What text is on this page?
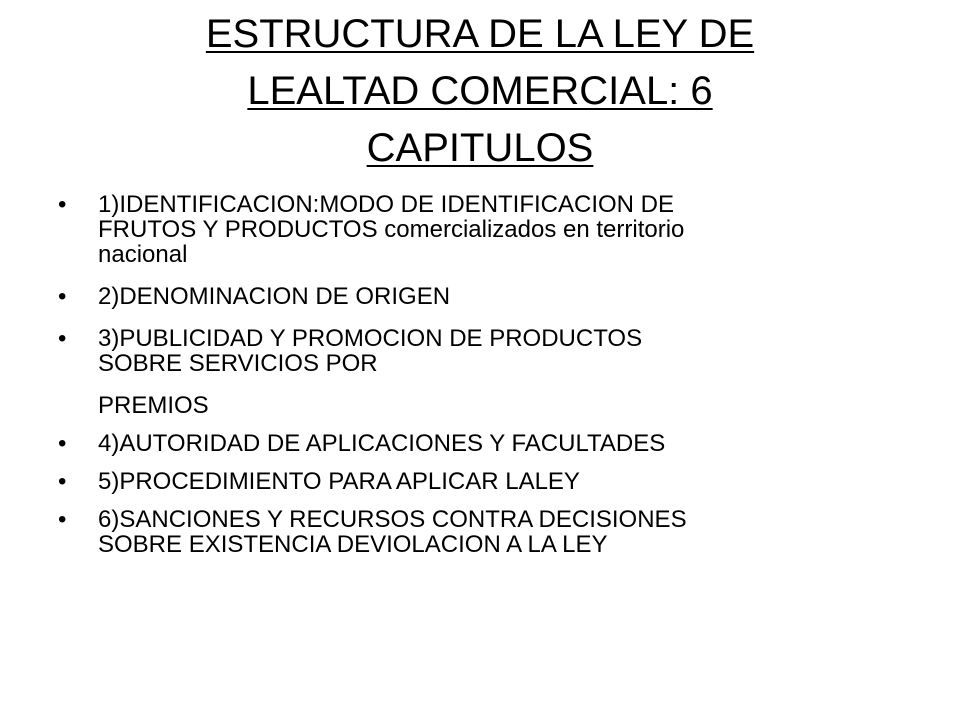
ESTRUCTURA DE LA LEY DE
LEALTAD COMERCIAL: 6
CAPITULOS
•	1)IDENTIFICACION:MODO DE IDENTIFICACION DE
FRUTOS Y PRODUCTOS comercializados en territorio
nacional
•	2)DENOMINACION DE ORIGEN
•	3)PUBLICIDAD Y PROMOCION DE PRODUCTOS
SOBRE SERVICIOS POR
PREMIOS
•	4)AUTORIDAD DE APLICACIONES Y FACULTADES
•	5)PROCEDIMIENTO PARA APLICAR LALEY
•	6)SANCIONES Y RECURSOS CONTRA DECISIONES
SOBRE EXISTENCIA DEVIOLACION A LA LEY
